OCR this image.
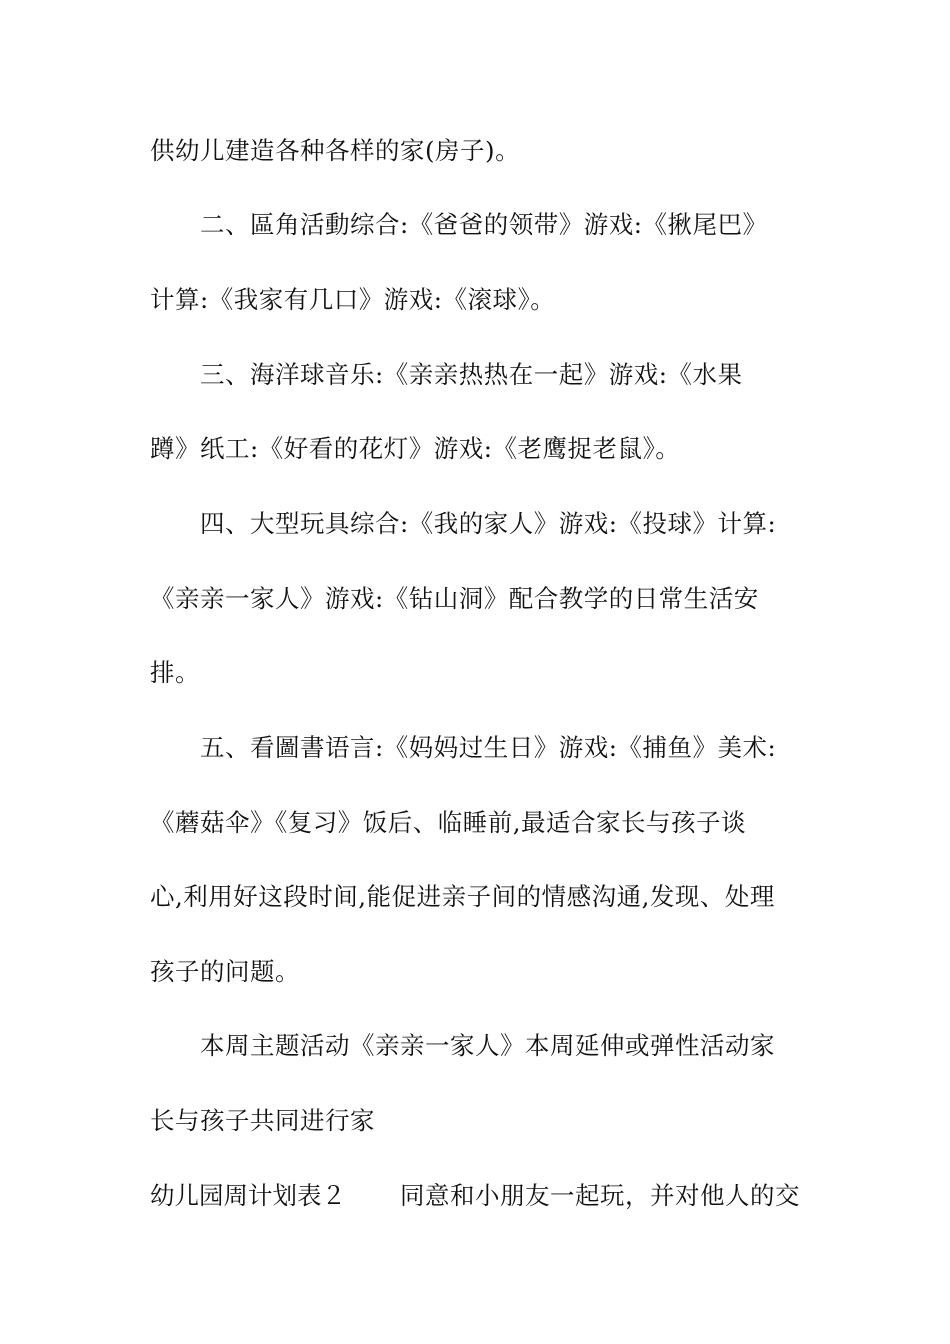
供幼儿建造各种各样的家(房子)。
二、區角活動综合:《爸爸的领带》游戏:《揪尾巴》
计算:《我家有几口》游戏:《滚球》。
三、海洋球音乐:《亲亲热热在一起》游戏:《水果
蹲》纸工:《好看的花灯》游戏:《老鹰捉老鼠》。
四、大型玩具综合:《我的家人》游戏:《投球》计算:
《亲亲一家人》游戏:《钻山洞》配合教学的日常生活安
排。
五、看圖書语言:《妈妈过生日》游戏:《捕鱼》美术:
《蘑菇伞》《复习》饭后、临睡前,最适合家长与孩子谈
心,利用好这段时间,能促进亲子间的情感沟通,发现、处理
孩子的问题。
本周主题活动《亲亲一家人》本周延伸或弹性活动家
长与孩子共同进行家
幼儿园周计划表２ 同意和小朋友一起玩，并对他人的交
